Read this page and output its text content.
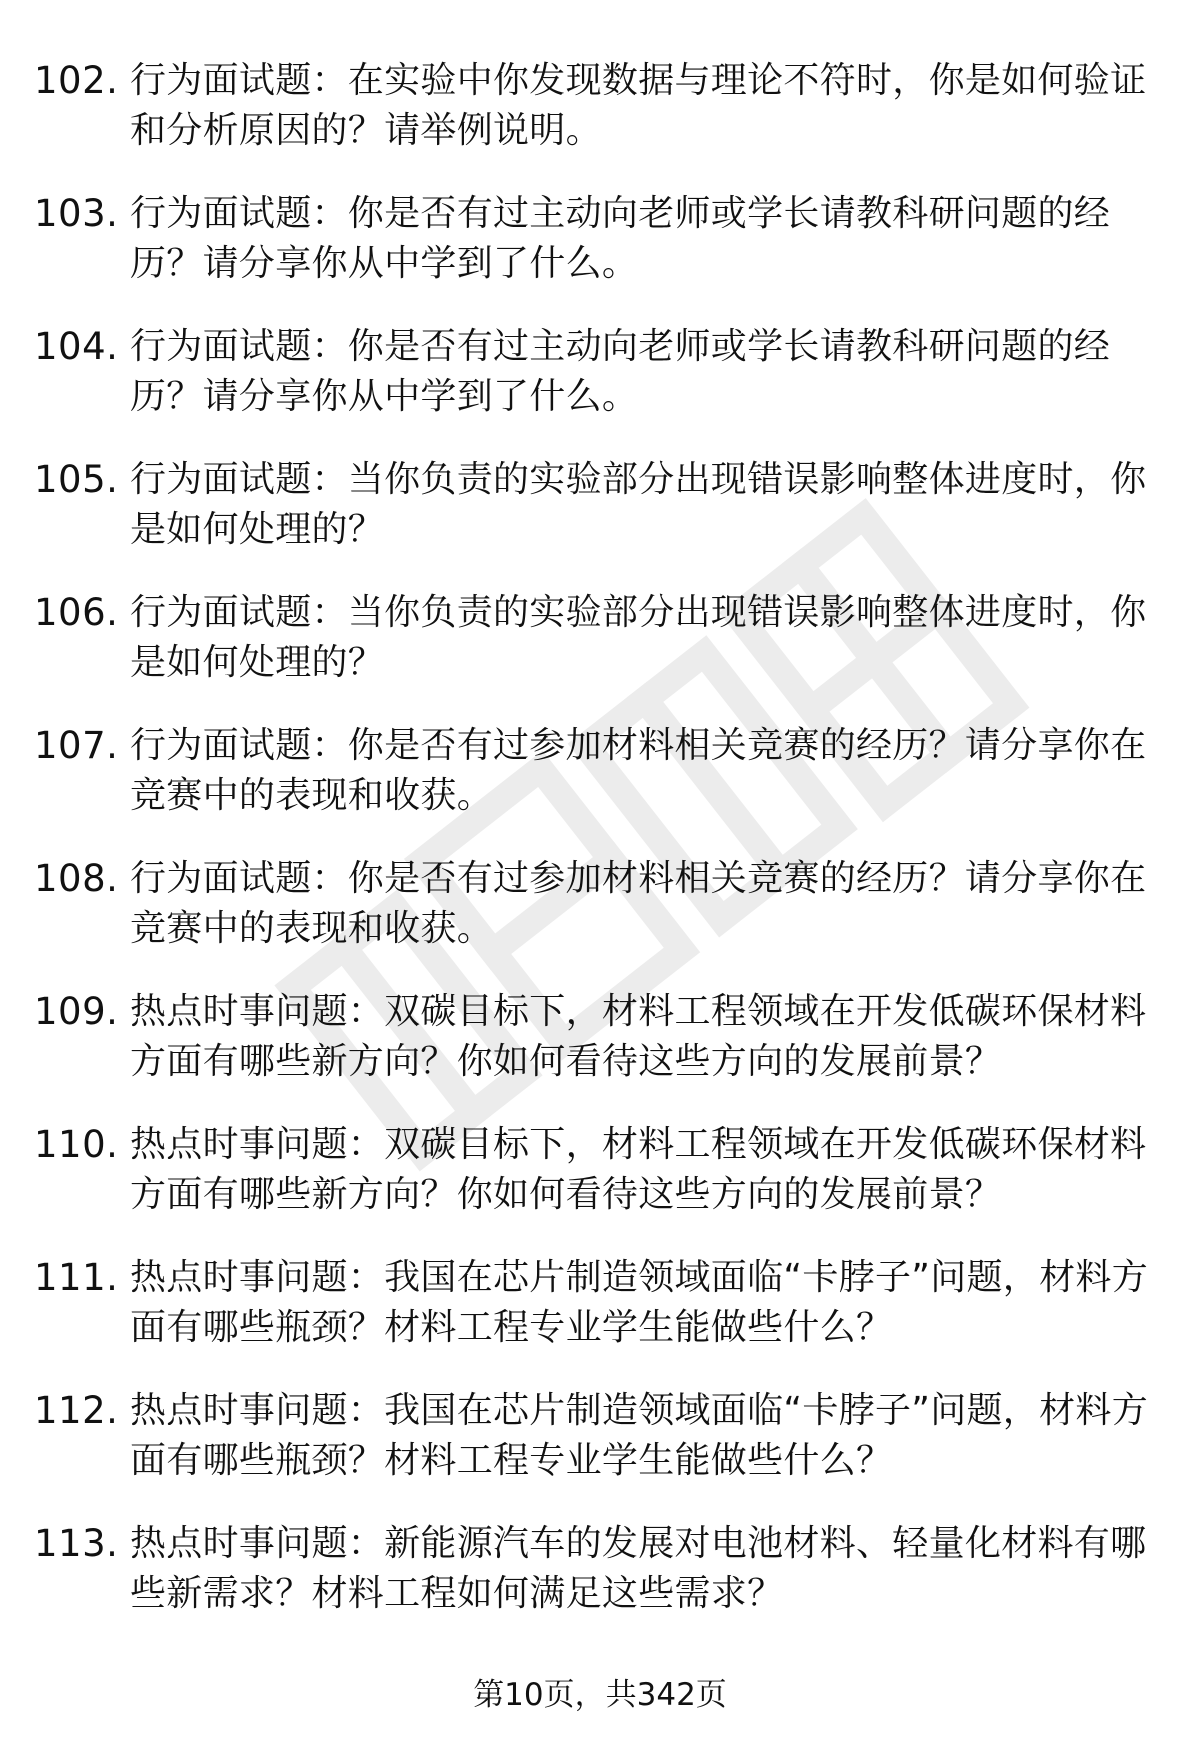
102. 行为面试题：在实验中你发现数据与理论不符时，你是如何验证和分析原因的？请举例说明。
103. 行为面试题：你是否有过主动向老师或学长请教科研问题的经历？请分享你从中学到了什么。
104. 行为面试题：你是否有过主动向老师或学长请教科研问题的经历？请分享你从中学到了什么。
105. 行为面试题：当你负责的实验部分出现错误影响整体进度时，你是如何处理的？
106. 行为面试题：当你负责的实验部分出现错误影响整体进度时，你是如何处理的？
107. 行为面试题：你是否有过参加材料相关竞赛的经历？请分享你在竞赛中的表现和收获。
108. 行为面试题：你是否有过参加材料相关竞赛的经历？请分享你在竞赛中的表现和收获。
109. 热点时事问题：双碳目标下，材料工程领域在开发低碳环保材料方面有哪些新方向？你如何看待这些方向的发展前景？
110. 热点时事问题：双碳目标下，材料工程领域在开发低碳环保材料方面有哪些新方向？你如何看待这些方向的发展前景？
111. 热点时事问题：我国在芯片制造领域面临“卡脖子”问题，材料方面有哪些瓶颈？材料工程专业学生能做些什么？
112. 热点时事问题：我国在芯片制造领域面临“卡脖子”问题，材料方面有哪些瓶颈？材料工程专业学生能做些什么？
113. 热点时事问题：新能源汽车的发展对电池材料、轻量化材料有哪些新需求？材料工程如何满足这些需求？
第10页，共342页
